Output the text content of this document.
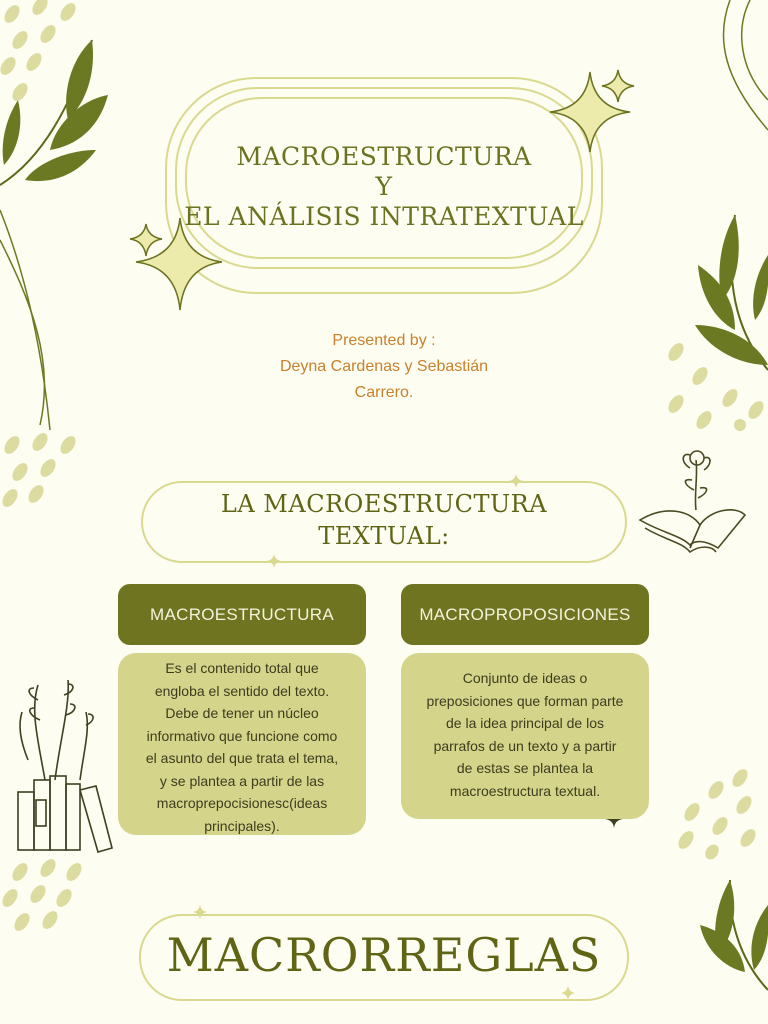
MACROESTRUCTURA
Y
EL ANÁLISIS INTRATEXTUAL
Presented by :
Deyna Cardenas y Sebastián
Carrero.
LA MACROESTRUCTURA
TEXTUAL:
MACROESTRUCTURA	MACROPROPOSICIONES
Es el contenido total que
engloba el sentido del texto.
Debe de tener un núcleo
informativo que funcione como
el asunto del que trata el tema,
y se plantea a partir de las
macroprepocisionesc(ideas
principales).
Conjunto de ideas o
preposiciones que forman parte
de la idea principal de los
parrafos de un texto y a partir
de estas se plantea la
macroestructura textual.
MACRORREGLAS
